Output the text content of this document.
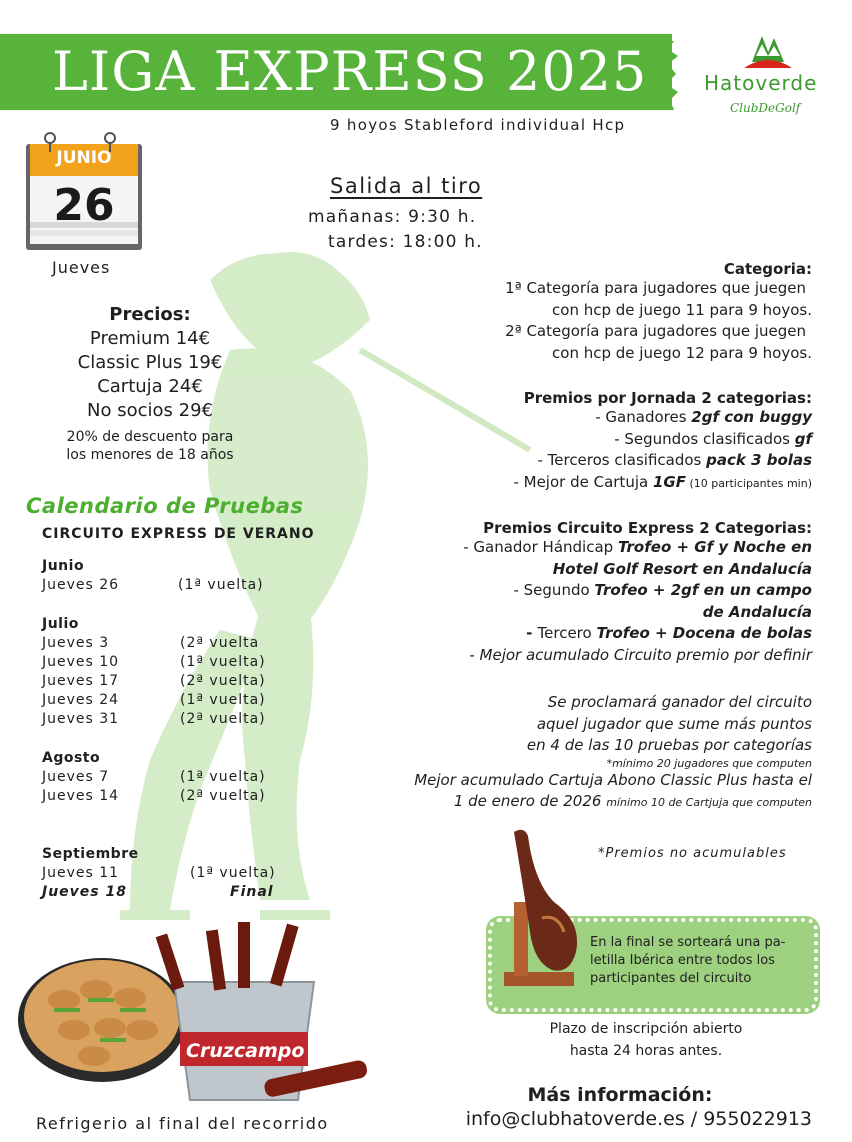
LIGA EXPRESS 2025
9 hoyos Stableford individual Hcp
Hatoverde
ClubDeGolf
JUNIO
26
Jueves
Salida al tiro
mañanas: 9:30 h.
tardes: 18:00 h.
Precios:
Premium 14€
Classic Plus 19€
Cartuja 24€
No socios 29€
20% de descuento para
los menores de 18 años
Calendario de Pruebas
CIRCUITO EXPRESS DE VERANO
Junio
Jueves 26	(1ª vuelta)
Julio
Jueves 3	(2ª vuelta
Jueves 10	(1ª vuelta)
Jueves 17	(2ª vuelta)
Jueves 24	(1ª vuelta)
Jueves 31	(2ª vuelta)
Agosto
Jueves 7	(1ª vuelta)
Jueves 14	(2ª vuelta)
Septiembre
Jueves 11	(1ª vuelta)
Jueves 18	Final
Categoria:
1ª Categoría para jugadores que juegen
con hcp de juego 11 para 9 hoyos.
2ª Categoría para jugadores que juegen
con hcp de juego 12 para 9 hoyos.
Premios por Jornada 2 categorias:
- Ganadores 2gf con buggy
- Segundos clasificados gf
- Terceros clasificados pack 3 bolas
- Mejor de Cartuja 1GF (10 participantes min)
Premios Circuito Express 2 Categorias:
- Ganador Hándicap Trofeo + Gf y Noche en
Hotel Golf Resort en Andalucía
- Segundo Trofeo + 2gf en un campo
de Andalucía
- Tercero Trofeo + Docena de bolas
- Mejor acumulado Circuito premio por definir
Se proclamará ganador del circuito
aquel jugador que sume más puntos
en 4 de las 10 pruebas por categorías
*mínimo 20 jugadores que computen
Mejor acumulado Cartuja Abono Classic Plus hasta el
1 de enero de 2026 mínimo 10 de Cartjuja que computen
*Premios no acumulables
En la final se sorteará una pa-letilla Ibérica entre todos los participantes del circuito
Plazo de inscripción abierto
hasta 24 horas antes.
Más información:
info@clubhatoverde.es / 955022913
Cruzcampo
Refrigerio al final del recorrido
